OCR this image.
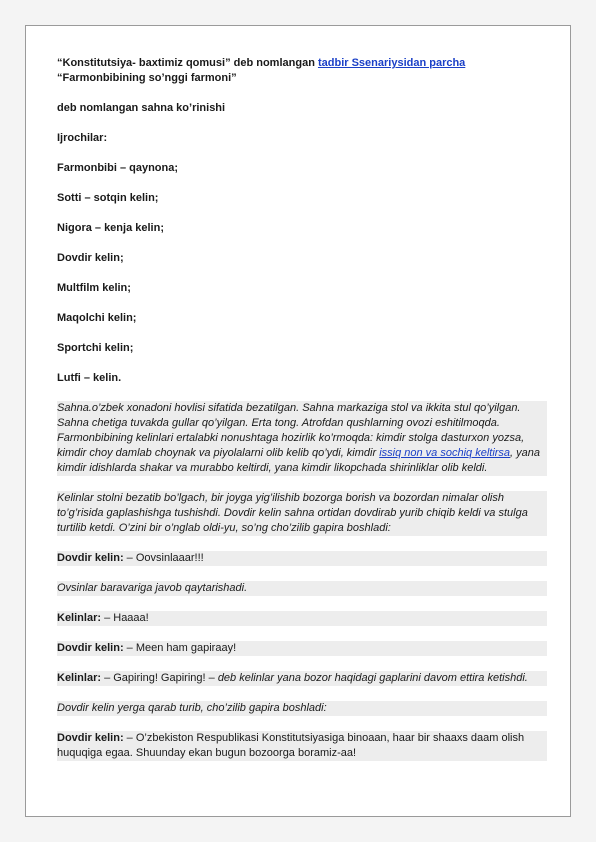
“Konstitutsiya- baxtimiz qomusi” deb nomlangan tadbir Ssenariysidan parcha

“Farmonbibining so’nggi farmoni”

deb nomlangan sahna ko’rinishi

Ijrochilar:

Farmonbibi – qaynona;

Sotti – sotqin kelin;

Nigora – kenja kelin;

Dovdir kelin;

Multfilm kelin;

Maqolchi kelin;

Sportchi kelin;

Lutfi – kelin.

Sahna.o’zbek xonadoni hovlisi sifatida bezatilgan. Sahna markaziga stol va ikkita stul qo’yilgan.

Sahna chetiga tuvakda gullar qo’yilgan. Erta tong. Atrofdan qushlarning ovozi eshitilmoqda.

Farmonbibining kelinlari ertalabki nonushtaga hozirlik ko’rmoqda: kimdir stolga dasturxon yozsa,

kimdir choy damlab choynak va piyolalarni olib kelib qo’ydi, kimdir issiq non va sochiq keltirsa, yana

kimdir idishlarda shakar va murabbo keltirdi, yana kimdir likopchada shirinliklar olib keldi.

Kelinlar stolni bezatib bo’lgach, bir joyga yig’ilishib bozorga borish va bozordan nimalar olish

to’g’risida gaplashishga tushishdi. Dovdir kelin sahna ortidan dovdirab yurib chiqib keldi va stulga

turtilib ketdi. O’zini bir o’nglab oldi-yu, so’ng cho’zilib gapira boshladi:

Dovdir kelin: – Oovsinlaaar!!!

Ovsinlar baravariga javob qaytarishadi.

Kelinlar: – Haaaa!

Dovdir kelin: – Meen ham gapiraay!

Kelinlar: – Gapiring! Gapiring! – deb kelinlar yana bozor haqidagi gaplarini davom ettira ketishdi.

Dovdir kelin yerga qarab turib, cho’zilib gapira boshladi:

Dovdir kelin: – O’zbekiston Respublikasi Konstitutsiyasiga binoaan, haar bir shaaxs daam olish

huquqiga egaa. Shuunday ekan bugun bozoorga boramiz-aa!
